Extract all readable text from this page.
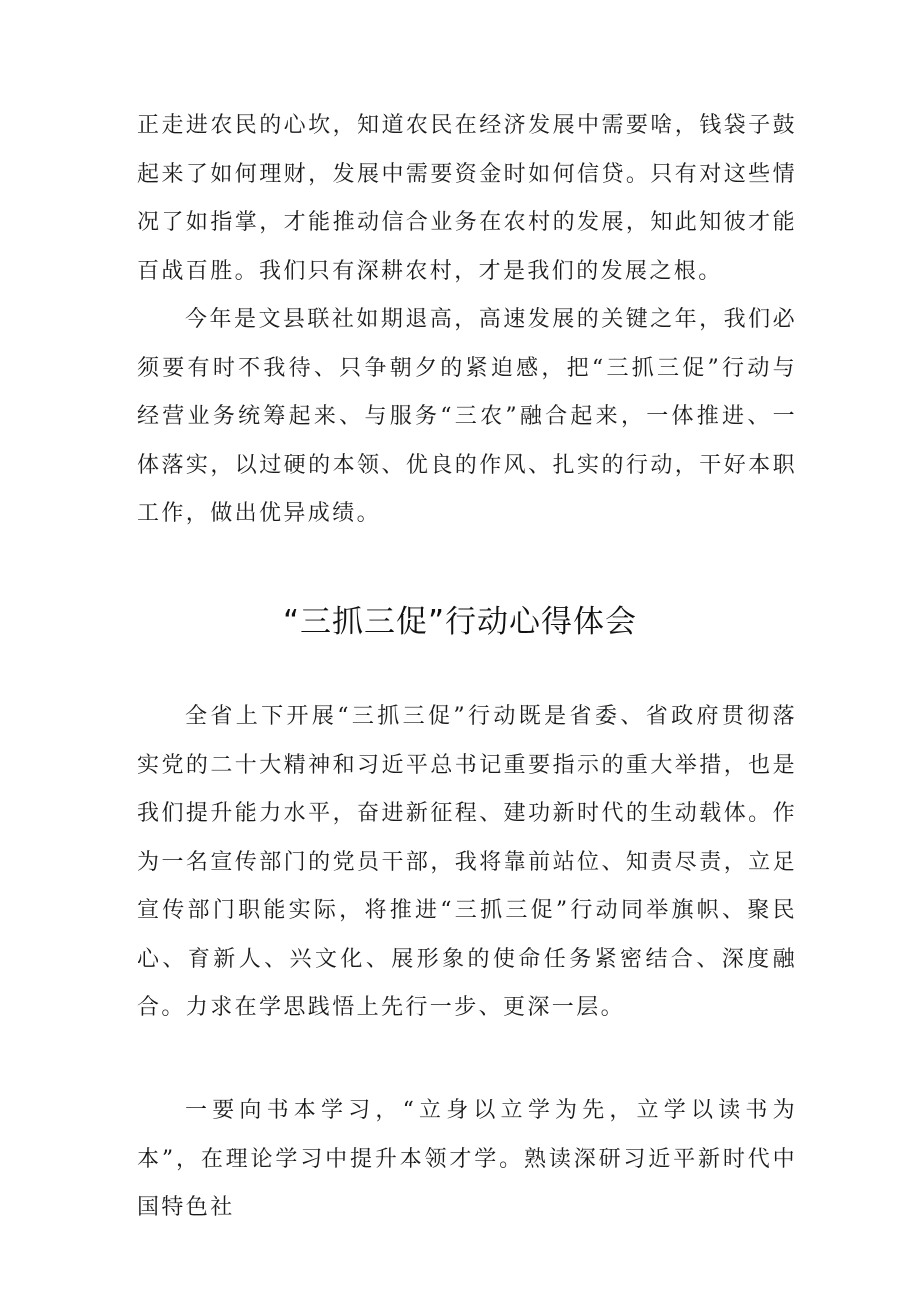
正走进农民的心坎，知道农民在经济发展中需要啥，钱袋子鼓起来了如何理财，发展中需要资金时如何信贷。只有对这些情况了如指掌，才能推动信合业务在农村的发展，知此知彼才能百战百胜。我们只有深耕农村，才是我们的发展之根。

今年是文县联社如期退高，高速发展的关键之年，我们必须要有时不我待、只争朝夕的紧迫感，把“三抓三促”行动与经营业务统筹起来、与服务“三农”融合起来，一体推进、一体落实，以过硬的本领、优良的作风、扎实的行动，干好本职工作，做出优异成绩。

“三抓三促”行动心得体会

全省上下开展“三抓三促”行动既是省委、省政府贯彻落实党的二十大精神和习近平总书记重要指示的重大举措，也是我们提升能力水平，奋进新征程、建功新时代的生动载体。作为一名宣传部门的党员干部，我将靠前站位、知责尽责，立足宣传部门职能实际，将推进“三抓三促”行动同举旗帜、聚民心、育新人、兴文化、展形象的使命任务紧密结合、深度融合。力求在学思践悟上先行一步、更深一层。

一要向书本学习，“立身以立学为先，立学以读书为本”，在理论学习中提升本领才学。熟读深研习近平新时代中国特色社
